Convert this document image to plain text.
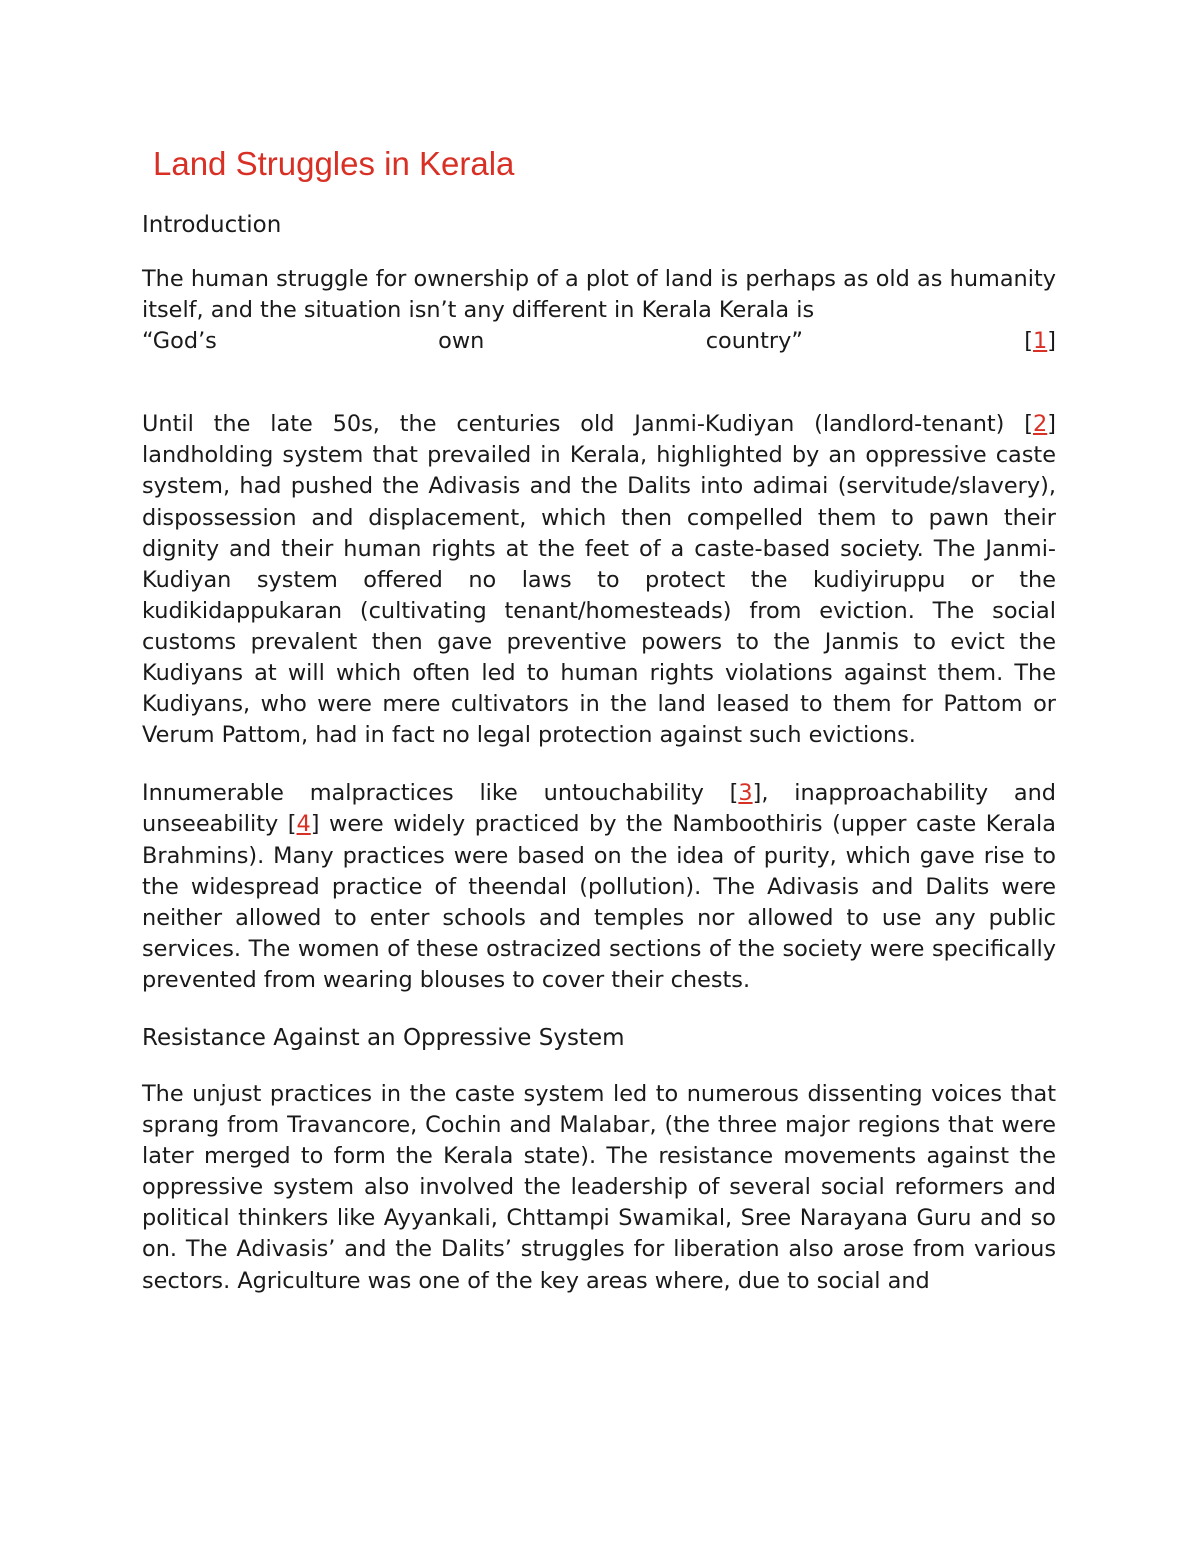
Land Struggles in Kerala
Introduction

The human struggle for ownership of a plot of land is perhaps as old as humanity itself, and the situation isn’t any different in Kerala Kerala is

“God’s own country” [1]

Until the late 50s, the centuries old Janmi-Kudiyan (landlord-tenant) [2] landholding system that prevailed in Kerala, highlighted by an oppressive caste system, had pushed the Adivasis and the Dalits into adimai (servitude/slavery), dispossession and displacement, which then compelled them to pawn their dignity and their human rights at the feet of a caste-based society. The Janmi-Kudiyan system offered no laws to protect the kudiyiruppu or the kudikidappukaran (cultivating tenant/homesteads) from eviction. The social customs prevalent then gave preventive powers to the Janmis to evict the Kudiyans at will which often led to human rights violations against them. The Kudiyans, who were mere cultivators in the land leased to them for Pattom or Verum Pattom, had in fact no legal protection against such evictions.

Innumerable malpractices like untouchability [3], inapproachability and unseeability [4] were widely practiced by the Namboothiris (upper caste Kerala Brahmins). Many practices were based on the idea of purity, which gave rise to the widespread practice of theendal (pollution). The Adivasis and Dalits were neither allowed to enter schools and temples nor allowed to use any public services. The women of these ostracized sections of the society were specifically prevented from wearing blouses to cover their chests.

Resistance Against an Oppressive System

The unjust practices in the caste system led to numerous dissenting voices that sprang from Travancore, Cochin and Malabar, (the three major regions that were later merged to form the Kerala state). The resistance movements against the oppressive system also involved the leadership of several social reformers and political thinkers like Ayyankali, Chttampi Swamikal, Sree Narayana Guru and so on. The Adivasis’ and the Dalits’ struggles for liberation also arose from various sectors. Agriculture was one of the key areas where, due to social and
